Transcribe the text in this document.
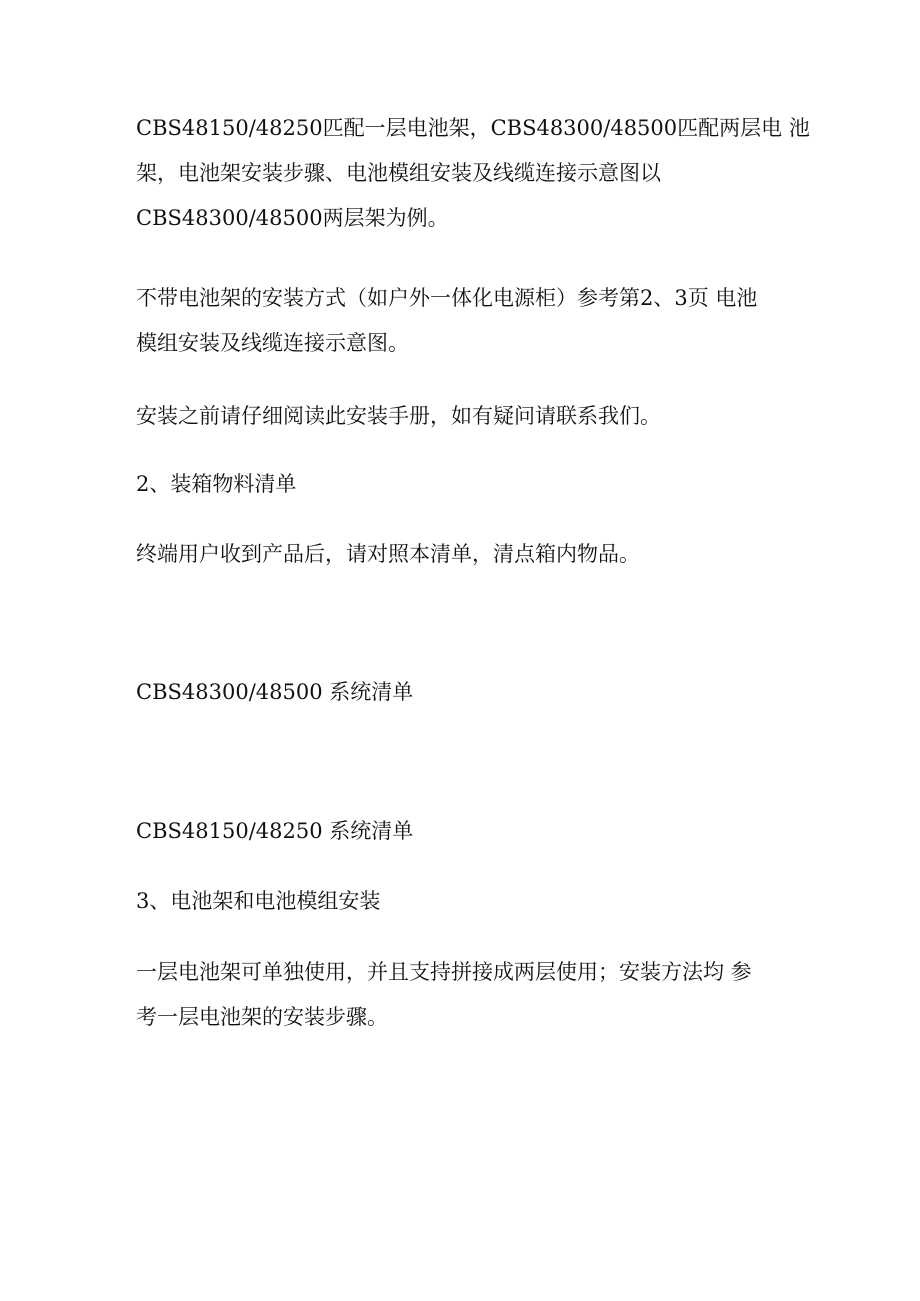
CBS48150/48250匹配一层电池架，CBS48300/48500匹配两层电 池
架，电池架安装步骤、电池模组安装及线缆连接示意图以
CBS48300/48500两层架为例。
不带电池架的安装方式（如户外一体化电源柜）参考第2、3页 电池
模组安装及线缆连接示意图。
安装之前请仔细阅读此安装手册，如有疑问请联系我们。
2、装箱物料清单
终端用户收到产品后，请对照本清单，清点箱内物品。
CBS48300/48500 系统清单
CBS48150/48250 系统清单
3、电池架和电池模组安装
一层电池架可单独使用，并且支持拼接成两层使用；安装方法均 参
考一层电池架的安装步骤。
